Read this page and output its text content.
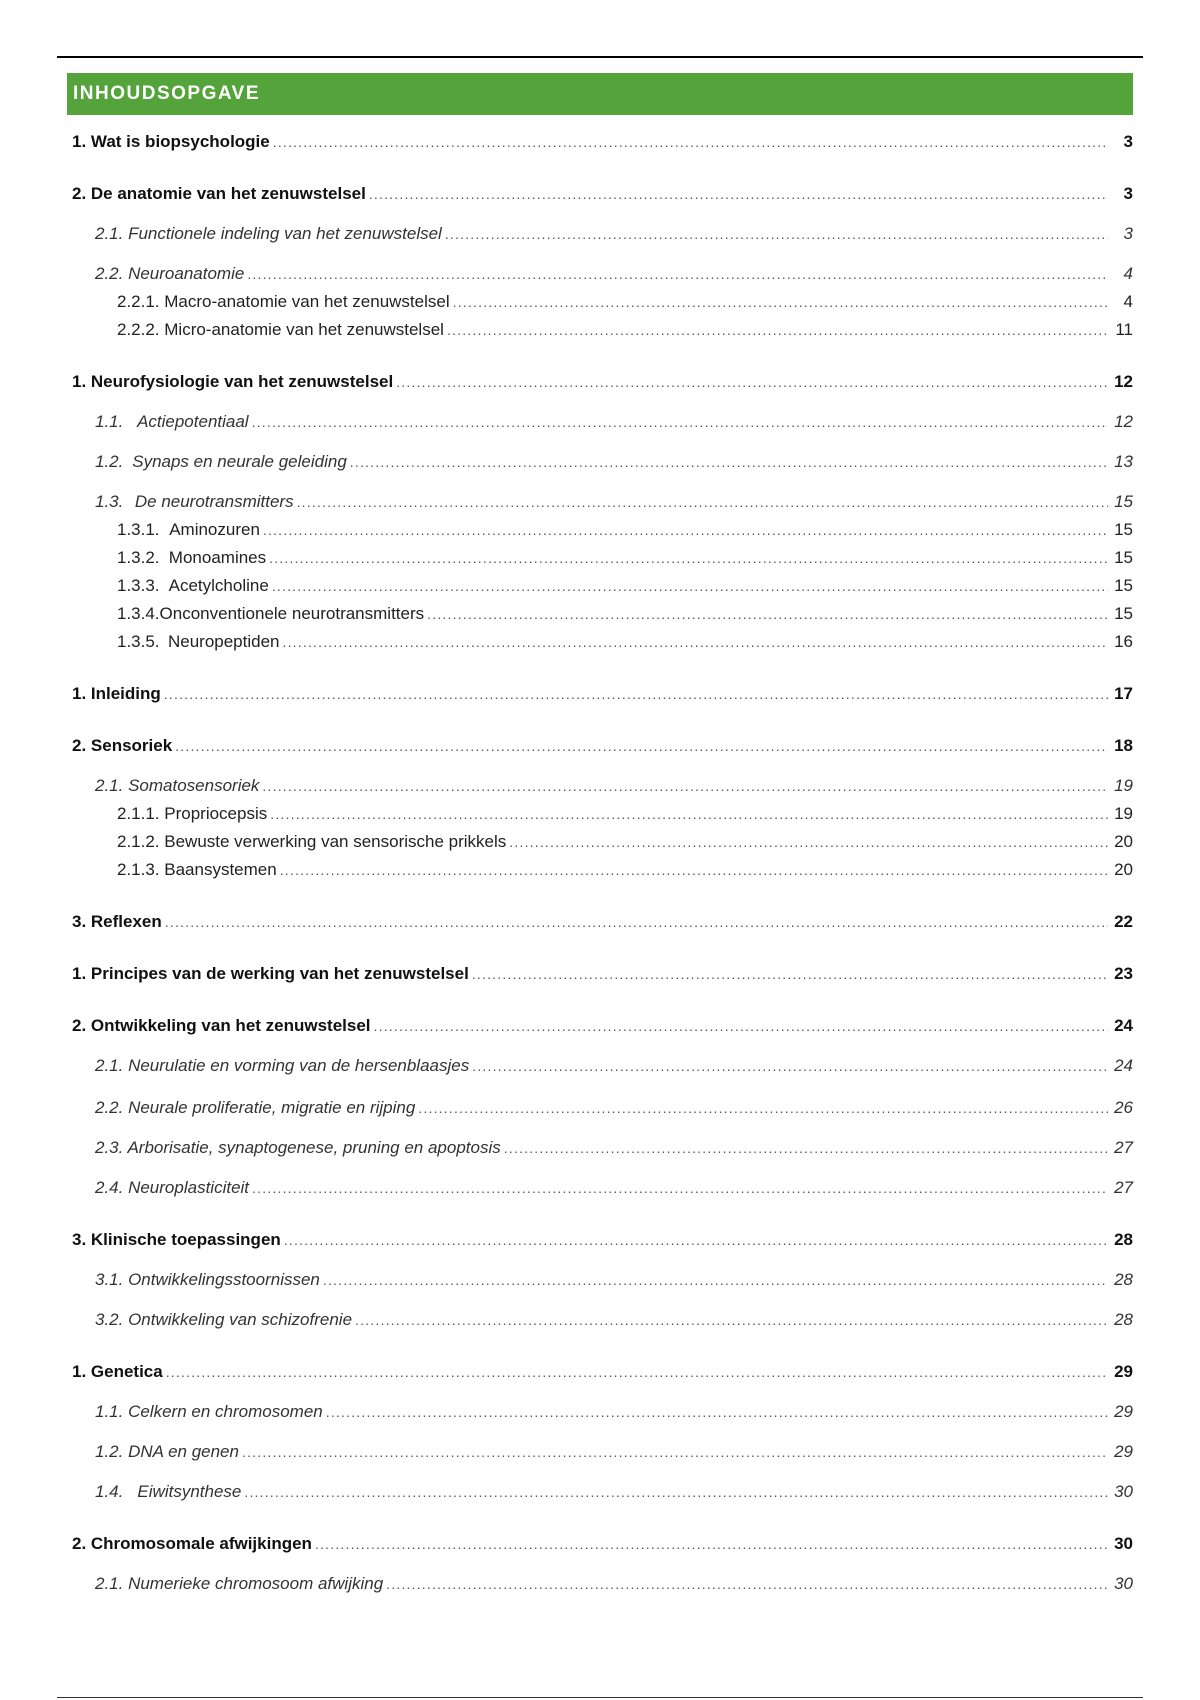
INHOUDSOPGAVE
1. Wat is biopsychologie .....	3
2. De anatomie van het zenuwstelsel .....	3
2.1. Functionele indeling van het zenuwstelsel .....	3
2.2. Neuroanatomie .....	4
2.2.1. Macro-anatomie van het zenuwstelsel .....	4
2.2.2. Micro-anatomie van het zenuwstelsel .....	11
1. Neurofysiologie van het zenuwstelsel .....	12
1.1. Actiepotentiaal .....	12
1.2. Synaps en neurale geleiding .....	13
1.3. De neurotransmitters .....	15
1.3.1. Aminozuren .....	15
1.3.2. Monoamines .....	15
1.3.3. Acetylcholine .....	15
1.3.4. Onconventionele neurotransmitters .....	15
1.3.5. Neuropeptiden .....	16
1. Inleiding .....	17
2. Sensoriek .....	18
2.1. Somatosensoriek .....	19
2.1.1. Propriocepsis .....	19
2.1.2. Bewuste verwerking van sensorische prikkels .....	20
2.1.3. Baansystemen .....	20
3. Reflexen .....	22
1. Principes van de werking van het zenuwstelsel .....	23
2. Ontwikkeling van het zenuwstelsel .....	24
2.1. Neurulatie en vorming van de hersenblaasjes .....	24
2.2. Neurale proliferatie, migratie en rijping .....	26
2.3. Arborisatie, synaptogenese, pruning en apoptosis .....	27
2.4. Neuroplasticiteit .....	27
3. Klinische toepassingen .....	28
3.1. Ontwikkelingsstoornissen .....	28
3.2. Ontwikkeling van schizofrenie .....	28
1. Genetica .....	29
1.1. Celkern en chromosomen .....	29
1.2. DNA en genen .....	29
1.4. Eiwitsynthese .....	30
2. Chromosomale afwijkingen .....	30
2.1. Numerieke chromosoom afwijking .....	30
